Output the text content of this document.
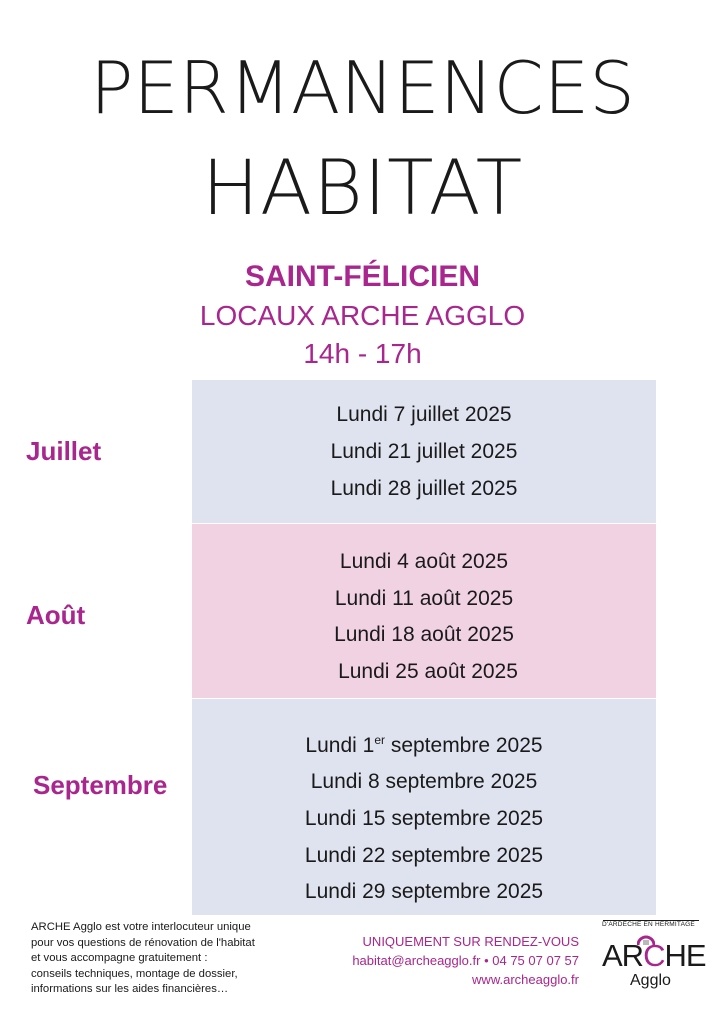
PERMANENCES
HABITAT
SAINT-FÉLICIEN
LOCAUX ARCHE AGGLO
14h - 17h
Juillet
Août
Septembre
Lundi 7 juillet 2025
Lundi 21 juillet 2025
Lundi 28 juillet 2025
Lundi 4 août 2025
Lundi 11 août 2025
Lundi 18 août 2025
Lundi 25 août 2025
Lundi 1er septembre 2025
Lundi 8 septembre 2025
Lundi 15 septembre 2025
Lundi 22 septembre 2025
Lundi 29 septembre 2025
ARCHE Agglo est votre interlocuteur unique
pour vos questions de rénovation de l'habitat
et vous accompagne gratuitement :
conseils techniques, montage de dossier,
informations sur les aides financières…
UNIQUEMENT SUR RENDEZ-VOUS
habitat@archeagglo.fr • 04 75 07 07 57
www.archeagglo.fr
D'ARDÈCHE EN HERMITAGE
ARCHE
Agglo
